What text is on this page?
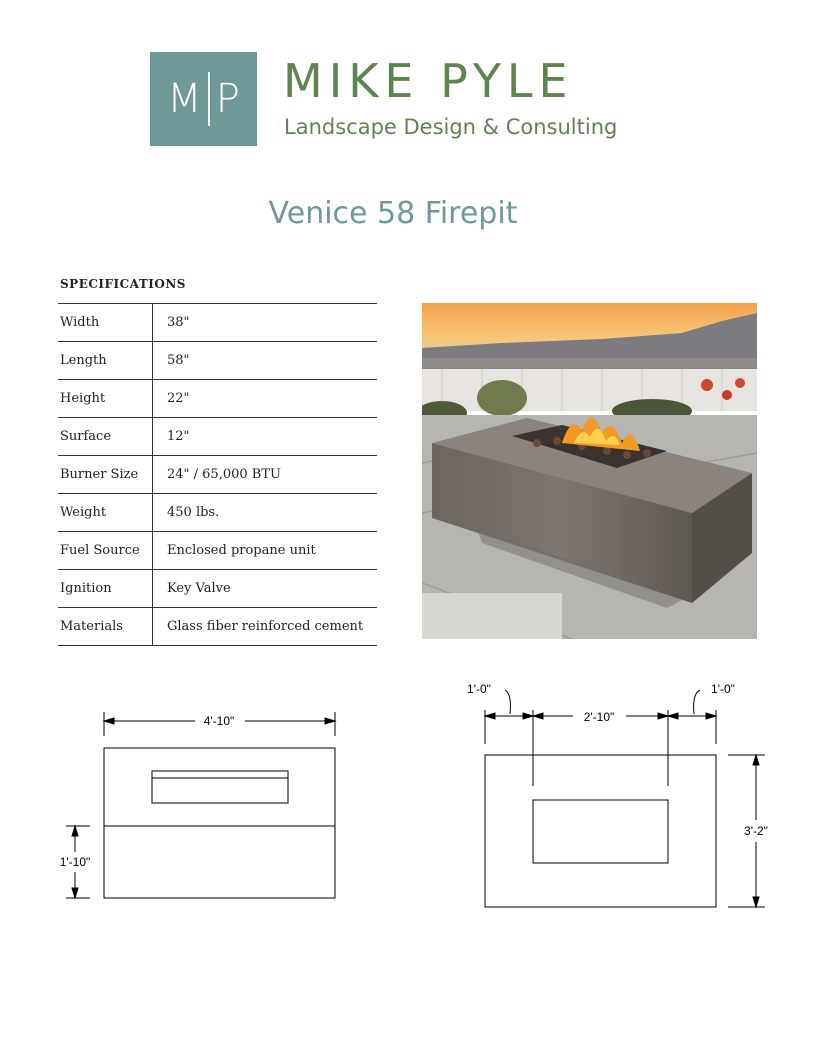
M P MIKE PYLE
Landscape Design & Consulting
Venice 58 Firepit
SPECIFICATIONS
Width	38"
Length	58"
Height	22"
Surface	12"
Burner Size	24" / 65,000 BTU
Weight	450 lbs.
Fuel Source	Enclosed propane unit
Ignition	Key Valve
Materials	Glass fiber reinforced cement
4'-10"
1'-10"
1'-0"
2'-10"
1'-0"
3'-2"
